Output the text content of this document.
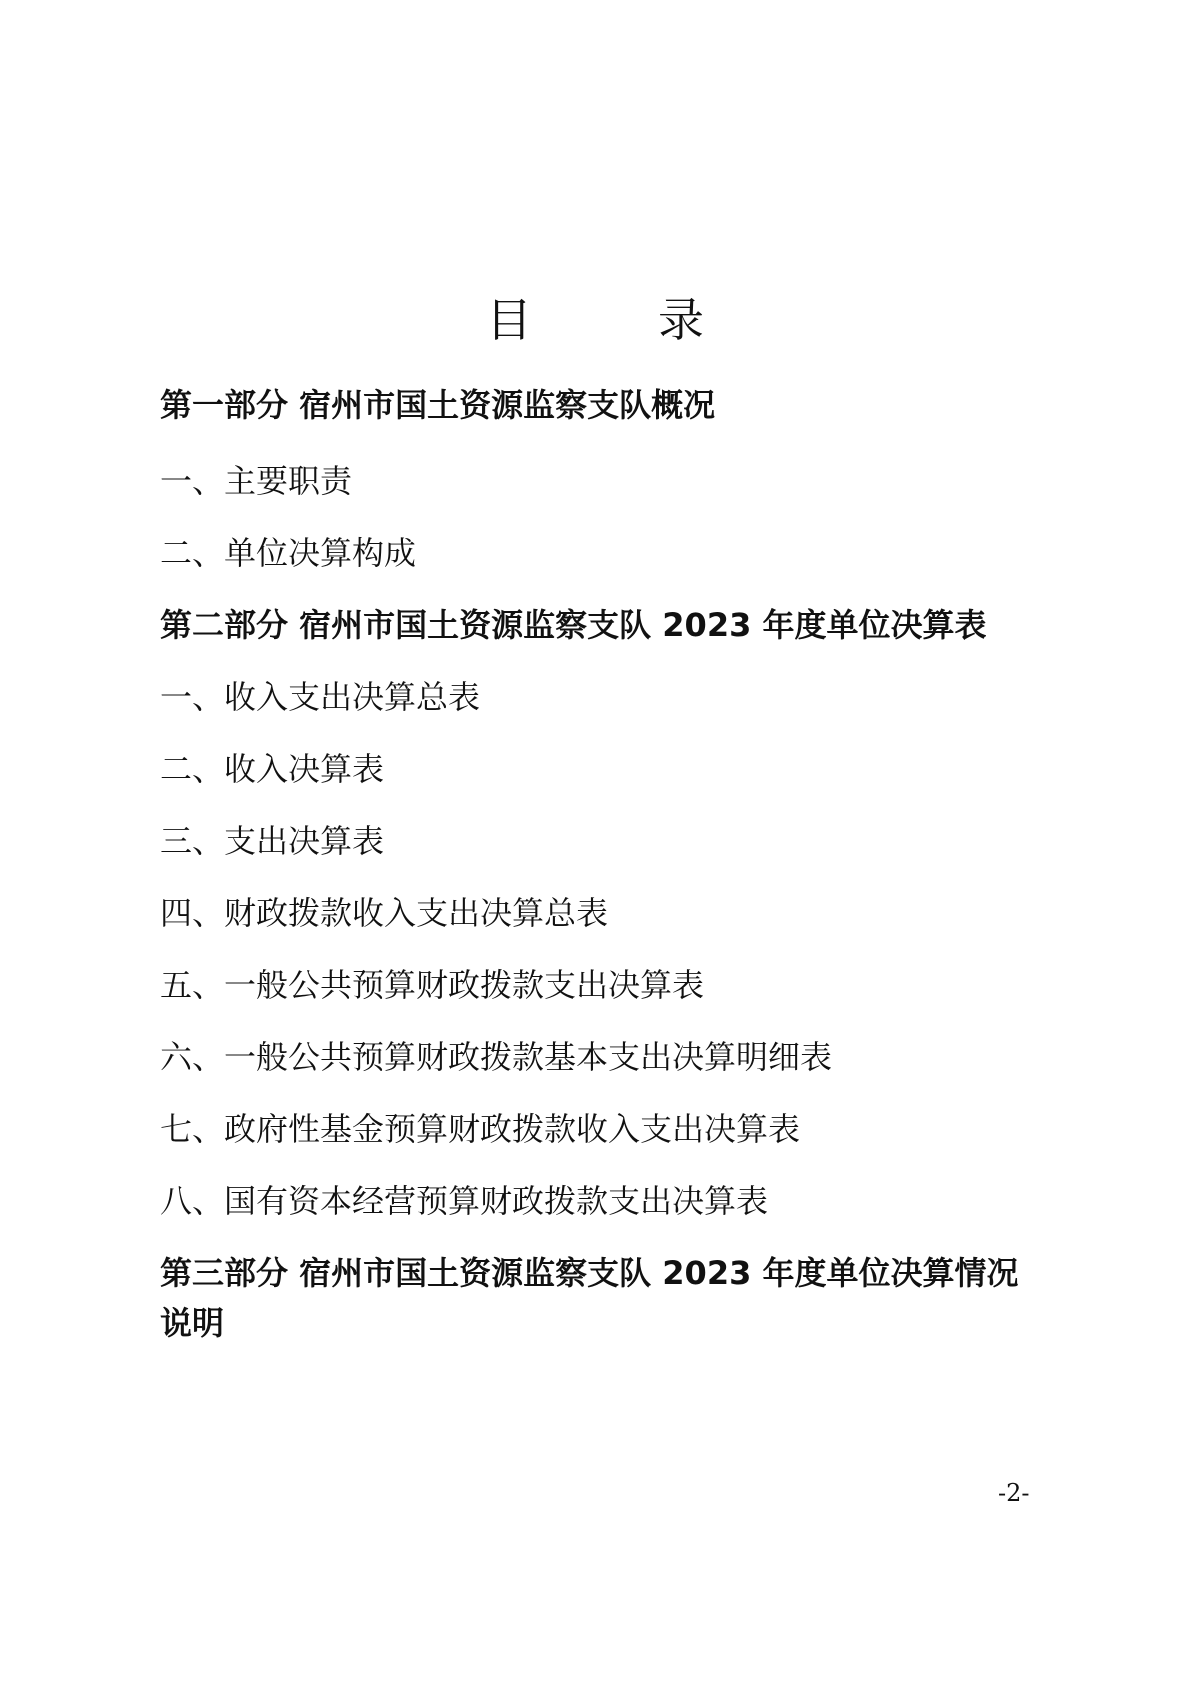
目　录

第一部分 宿州市国土资源监察支队概况

一、主要职责

二、单位决算构成

第二部分 宿州市国土资源监察支队 2023 年度单位决算表

一、收入支出决算总表

二、收入决算表

三、支出决算表

四、财政拨款收入支出决算总表

五、一般公共预算财政拨款支出决算表

六、一般公共预算财政拨款基本支出决算明细表

七、政府性基金预算财政拨款收入支出决算表

八、国有资本经营预算财政拨款支出决算表

第三部分 宿州市国土资源监察支队 2023 年度单位决算情况说明

-2-
